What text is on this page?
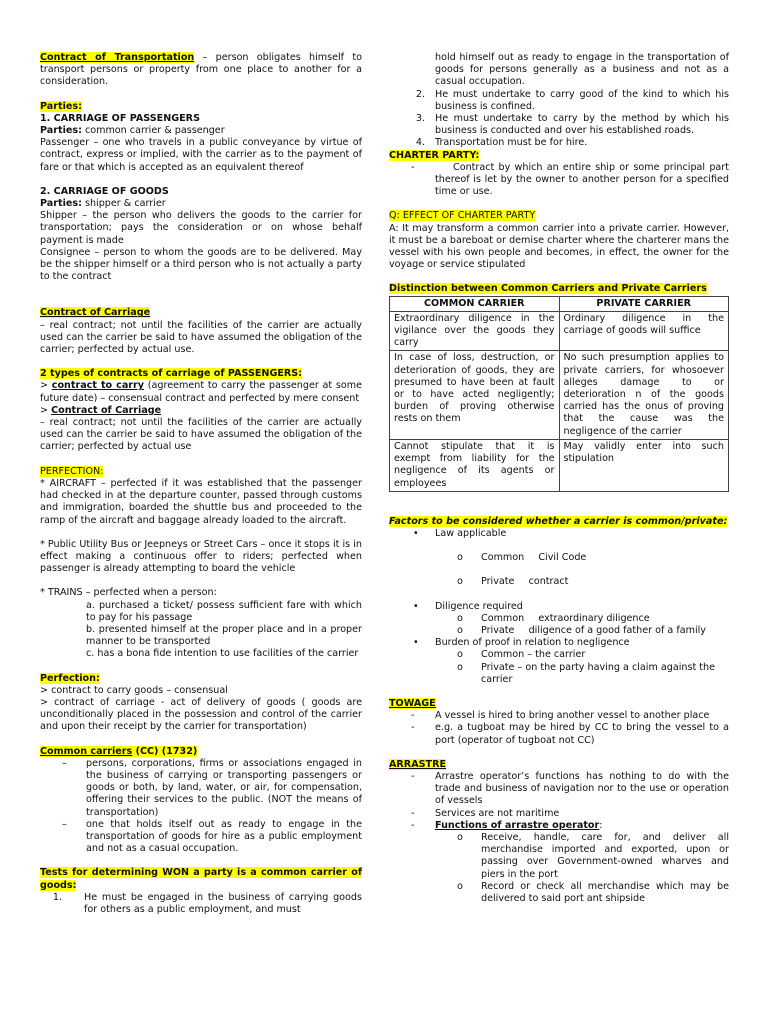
Contract of Transportation – person obligates himself to transport persons or property from one place to another for a consideration.

Parties:

1. CARRIAGE OF PASSENGERS

Parties: common carrier & passenger

Passenger – one who travels in a public conveyance by virtue of contract, express or implied, with the carrier as to the payment of fare or that which is accepted as an equivalent thereof

2. CARRIAGE OF GOODS

Parties: shipper & carrier

Shipper – the person who delivers the goods to the carrier for transportation; pays the consideration or on whose behalf payment is made

Consignee – person to whom the goods are to be delivered. May be the shipper himself or a third person who is not actually a party to the contract

Contract of Carriage

– real contract; not until the facilities of the carrier are actually used can the carrier be said to have assumed the obligation of the carrier; perfected by actual use.

2 types of contracts of carriage of PASSENGERS:

> contract to carry (agreement to carry the passenger at some future date) – consensual contract and perfected by mere consent

> Contract of Carriage

– real contract; not until the facilities of the carrier are actually used can the carrier be said to have assumed the obligation of the carrier; perfected by actual use

PERFECTION:

* AIRCRAFT – perfected if it was established that the passenger had checked in at the departure counter, passed through customs and immigration, boarded the shuttle bus and proceeded to the ramp of the aircraft and baggage already loaded to the aircraft.

* Public Utility Bus or Jeepneys or Street Cars – once it stops it is in effect making a continuous offer to riders; perfected when passenger is already attempting to board the vehicle

* TRAINS – perfected when a person:

a. purchased a ticket/ possess sufficient fare with which to pay for his passage

b. presented himself at the proper place and in a proper manner to be transported

c. has a bona fide intention to use facilities of the carrier

Perfection:

> contract to carry goods – consensual

> contract of carriage - act of delivery of goods ( goods are unconditionally placed in the possession and control of the carrier and upon their receipt by the carrier for transportation)

Common carriers (CC) (1732)

–	persons, corporations, firms or associations engaged in the business of carrying or transporting passengers or goods or both, by land, water, or air, for compensation, offering their services to the public. (NOT the means of transportation)
–	one that holds itself out as ready to engage in the transportation of goods for hire as a public employment and not as a casual occupation.

Tests for determining WON a party is a common carrier of goods:

1.	He must be engaged in the business of carrying goods for others as a public employment, and must

hold himself out as ready to engage in the transportation of goods for persons generally as a business and not as a casual occupation.

2.	He must undertake to carry good of the kind to which his business is confined.
3.	He must undertake to carry by the method by which his business is conducted and over his established roads.
4.	Transportation must be for hire.

CHARTER PARTY:

-	Contract by which an entire ship or some principal part thereof is let by the owner to another person for a specified time or use.

Q: EFFECT OF CHARTER PARTY

A: It may transform a common carrier into a private carrier. However, it must be a bareboat or demise charter where the charterer mans the vessel with his own people and becomes, in effect, the owner for the voyage or service stipulated

Distinction between Common Carriers and Private Carriers

COMMON CARRIER	PRIVATE CARRIER
Extraordinary diligence in the vigilance over the goods they carry	Ordinary diligence in the carriage of goods will suffice
In case of loss, destruction, or deterioration of goods, they are presumed to have been at fault or to have acted negligently; burden of proving otherwise rests on them	No such presumption applies to private carriers, for whosoever alleges damage to or deterioration n of the goods carried has the onus of proving that the cause was the negligence of the carrier
Cannot stipulate that it is exempt from liability for the negligence of its agents or employees	May validly enter into such stipulation

Factors to be considered whether a carrier is common/private:

•	Law applicable
o	Common  Civil Code
o	Private  contract
•	Diligence required
o	Common  extraordinary diligence
o	Private  diligence of a good father of a family
•	Burden of proof in relation to negligence
o	Common – the carrier
o	Private – on the party having a claim against the carrier

TOWAGE

-	A vessel is hired to bring another vessel to another place
-	e.g. a tugboat may be hired by CC to bring the vessel to a port (operator of tugboat not CC)

ARRASTRE

-	Arrastre operator’s functions has nothing to do with the trade and business of navigation nor to the use or operation of vessels
-	Services are not maritime
-	Functions of arrastre operator:
o	Receive, handle, care for, and deliver all merchandise imported and exported, upon or passing over Government-owned wharves and piers in the port
o	Record or check all merchandise which may be delivered to said port ant shipside
